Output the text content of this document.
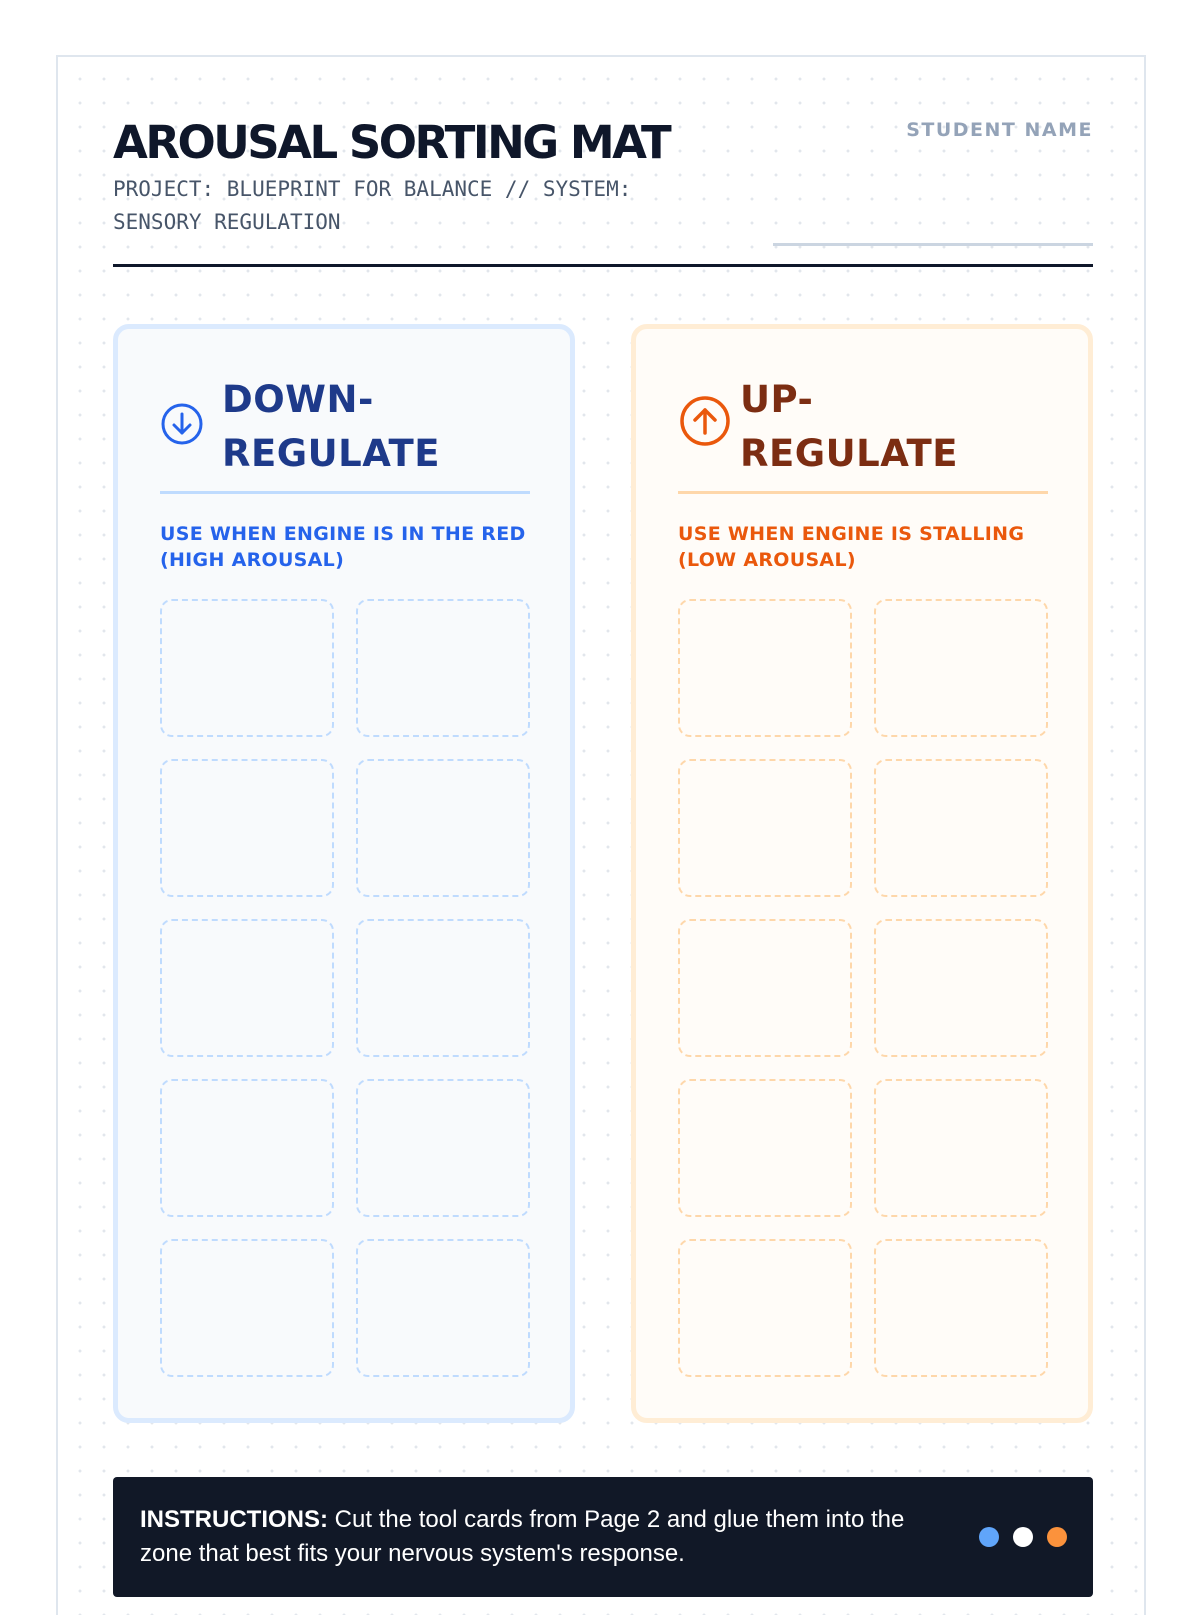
AROUSAL SORTING MAT
PROJECT: BLUEPRINT FOR BALANCE // SYSTEM: SENSORY REGULATION
STUDENT NAME
DOWN-
REGULATE
USE WHEN ENGINE IS IN THE RED
(HIGH AROUSAL)
UP-
REGULATE
USE WHEN ENGINE IS STALLING
(LOW AROUSAL)
INSTRUCTIONS: Cut the tool cards from Page 2 and glue them into the zone that best fits your nervous system's response.
